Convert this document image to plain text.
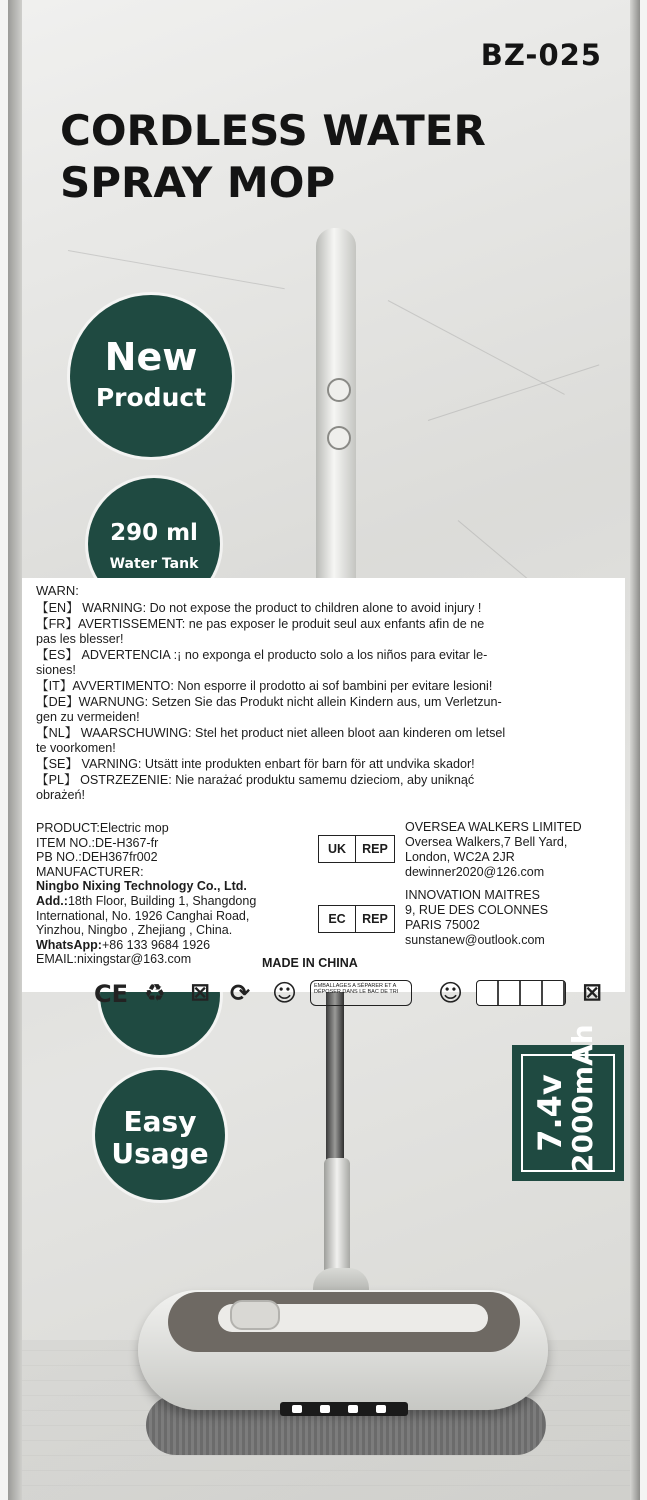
BZ-025
CORDLESS WATER
SPRAY MOP
New
Product
290 ml
Water Tank
Easy
Usage
7.4v
2000mAh
WARN:
【EN】 WARNING: Do not expose the product to children alone to avoid injury !
【FR】AVERTISSEMENT: ne pas exposer le produit seul aux enfants afin de ne
pas les blesser!
【ES】 ADVERTENCIA :¡ no exponga el producto solo a los niños para evitar le-
siones!
【IT】AVVERTIMENTO: Non esporre il prodotto ai sof bambini per evitare lesioni!
【DE】WARNUNG: Setzen Sie das Produkt nicht allein Kindern aus, um Verletzun-
gen zu vermeiden!
【NL】 WAARSCHUWING: Stel het product niet alleen bloot aan kinderen om letsel
te voorkomen!
【SE】 VARNING: Utsätt inte produkten enbart för barn för att undvika skador!
【PL】 OSTRZEZENIE: Nie narażać produktu samemu dzieciom, aby uniknąć
obrażeń!
PRODUCT:Electric mop
ITEM NO.:DE-H367-fr
PB NO.:DEH367fr002
MANUFACTURER:
Ningbo Nixing Technology Co., Ltd.
Add.:18th Floor, Building 1, Shangdong
International, No. 1926 Canghai Road,
Yinzhou, Ningbo , Zhejiang , China.
WhatsApp:+86 133 9684 1926
EMAIL:nixingstar@163.com	MADE IN CHINA
UK	REP
OVERSEA WALKERS LIMITED
Oversea Walkers,7 Bell Yard,
London, WC2A 2JR
dewinner2020@126.com
EC	REP
INNOVATION MAITRES
9, RUE DES COLONNES
PARIS 75002
sunstanew@outlook.com
CE ♻ ⊠ ⟳ ☺	EMBALLAGES A SÉPARER ET A DÉPOSER DANS LE BAC DE TRI	☺	⊠
